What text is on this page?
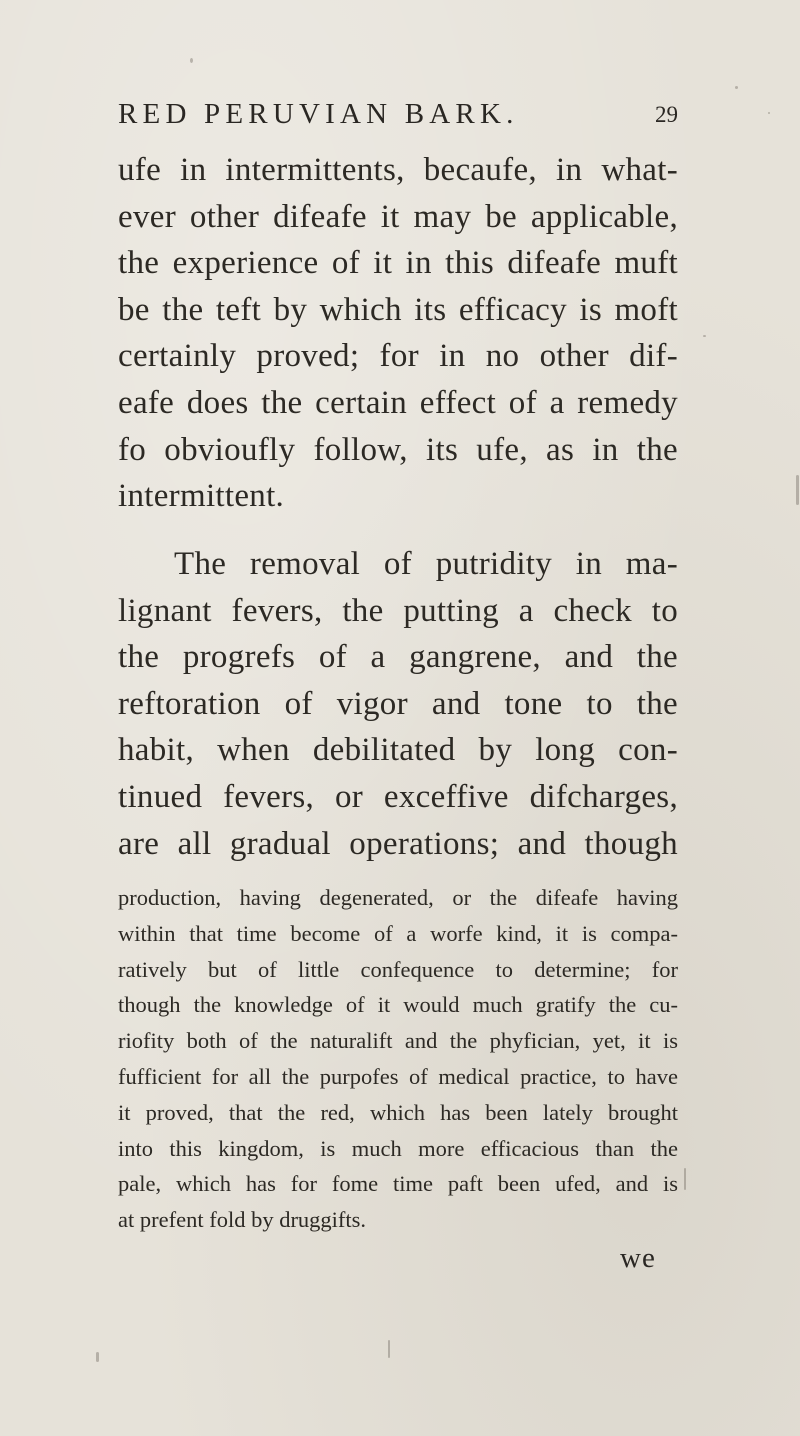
RED PERUVIAN BARK.	29
ufe in intermittents, becaufe, in what-
ever other difeafe it may be applicable,
the experience of it in this difeafe muft
be the teft by which its efficacy is moft
certainly proved; for in no other dif-
eafe does the certain effect of a remedy
fo obvioufly follow, its ufe, as in the
intermittent.
The removal of putridity in ma-
lignant fevers, the putting a check to
the progrefs of a gangrene, and the
reftoration of vigor and tone to the
habit, when debilitated by long con-
tinued fevers, or exceffive difcharges,
are all gradual operations; and though
production, having degenerated, or the difeafe having
within that time become of a worfe kind, it is compa-
ratively but of little confequence to determine; for
though the knowledge of it would much gratify the cu-
riofity both of the naturalift and the phyfician, yet, it is
fufficient for all the purpofes of medical practice, to have
it proved, that the red, which has been lately brought
into this kingdom, is much more efficacious than the
pale, which has for fome time paft been ufed, and is
at prefent fold by druggifts.
we
